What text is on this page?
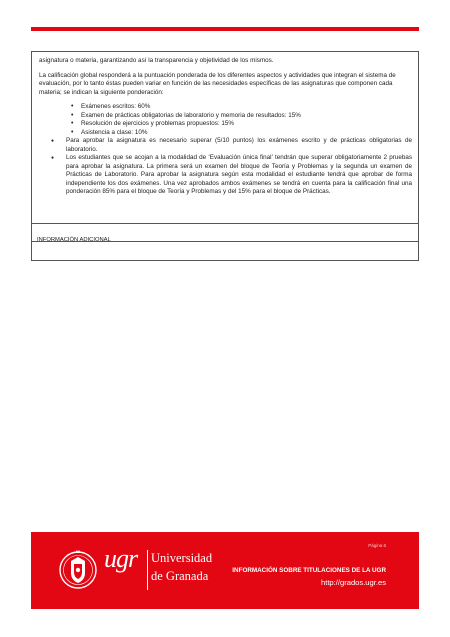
asignatura o materia, garantizando así la transparencia y objetividad de los mismos.

La calificación global responderá a la puntuación ponderada de los diferentes aspectos y actividades que integran el sistema de evaluación, por lo tanto éstas pueden variar en función de las necesidades específicas de las asignaturas que componen cada materia; se indican la siguiente ponderación:

• Exámenes escritos: 60%
• Examen de prácticas obligatorias de laboratorio y memoria de resultados: 15%
• Resolución de ejercicios y problemas propuestos: 15%
• Asistencia a clase: 10%
● Para aprobar la asignatura es necesario superar (5/10 puntos) los exámenes escrito y de prácticas obligatorias de laboratorio.
● Los estudiantes que se acojan a la modalidad de ‘Evaluación única final’ tendrán que superar obligatoriamente 2 pruebas para aprobar la asignatura. La primera será un examen del bloque de Teoría y Problemas y la segunda un examen de Prácticas de Laboratorio. Para aprobar la asignatura según esta modalidad el estudiante tendrá que aprobar de forma independiente los dos exámenes. Una vez aprobados ambos exámenes se tendrá en cuenta para la calificación final una ponderación 85% para el bloque de Teoría y Problemas y del 15% para el bloque de Prácticas.
INFORMACIÓN ADICIONAL
Página 6
ugr Universidad
de Granada	INFORMACIÓN SOBRE TITULACIONES DE LA UGR
http://grados.ugr.es
